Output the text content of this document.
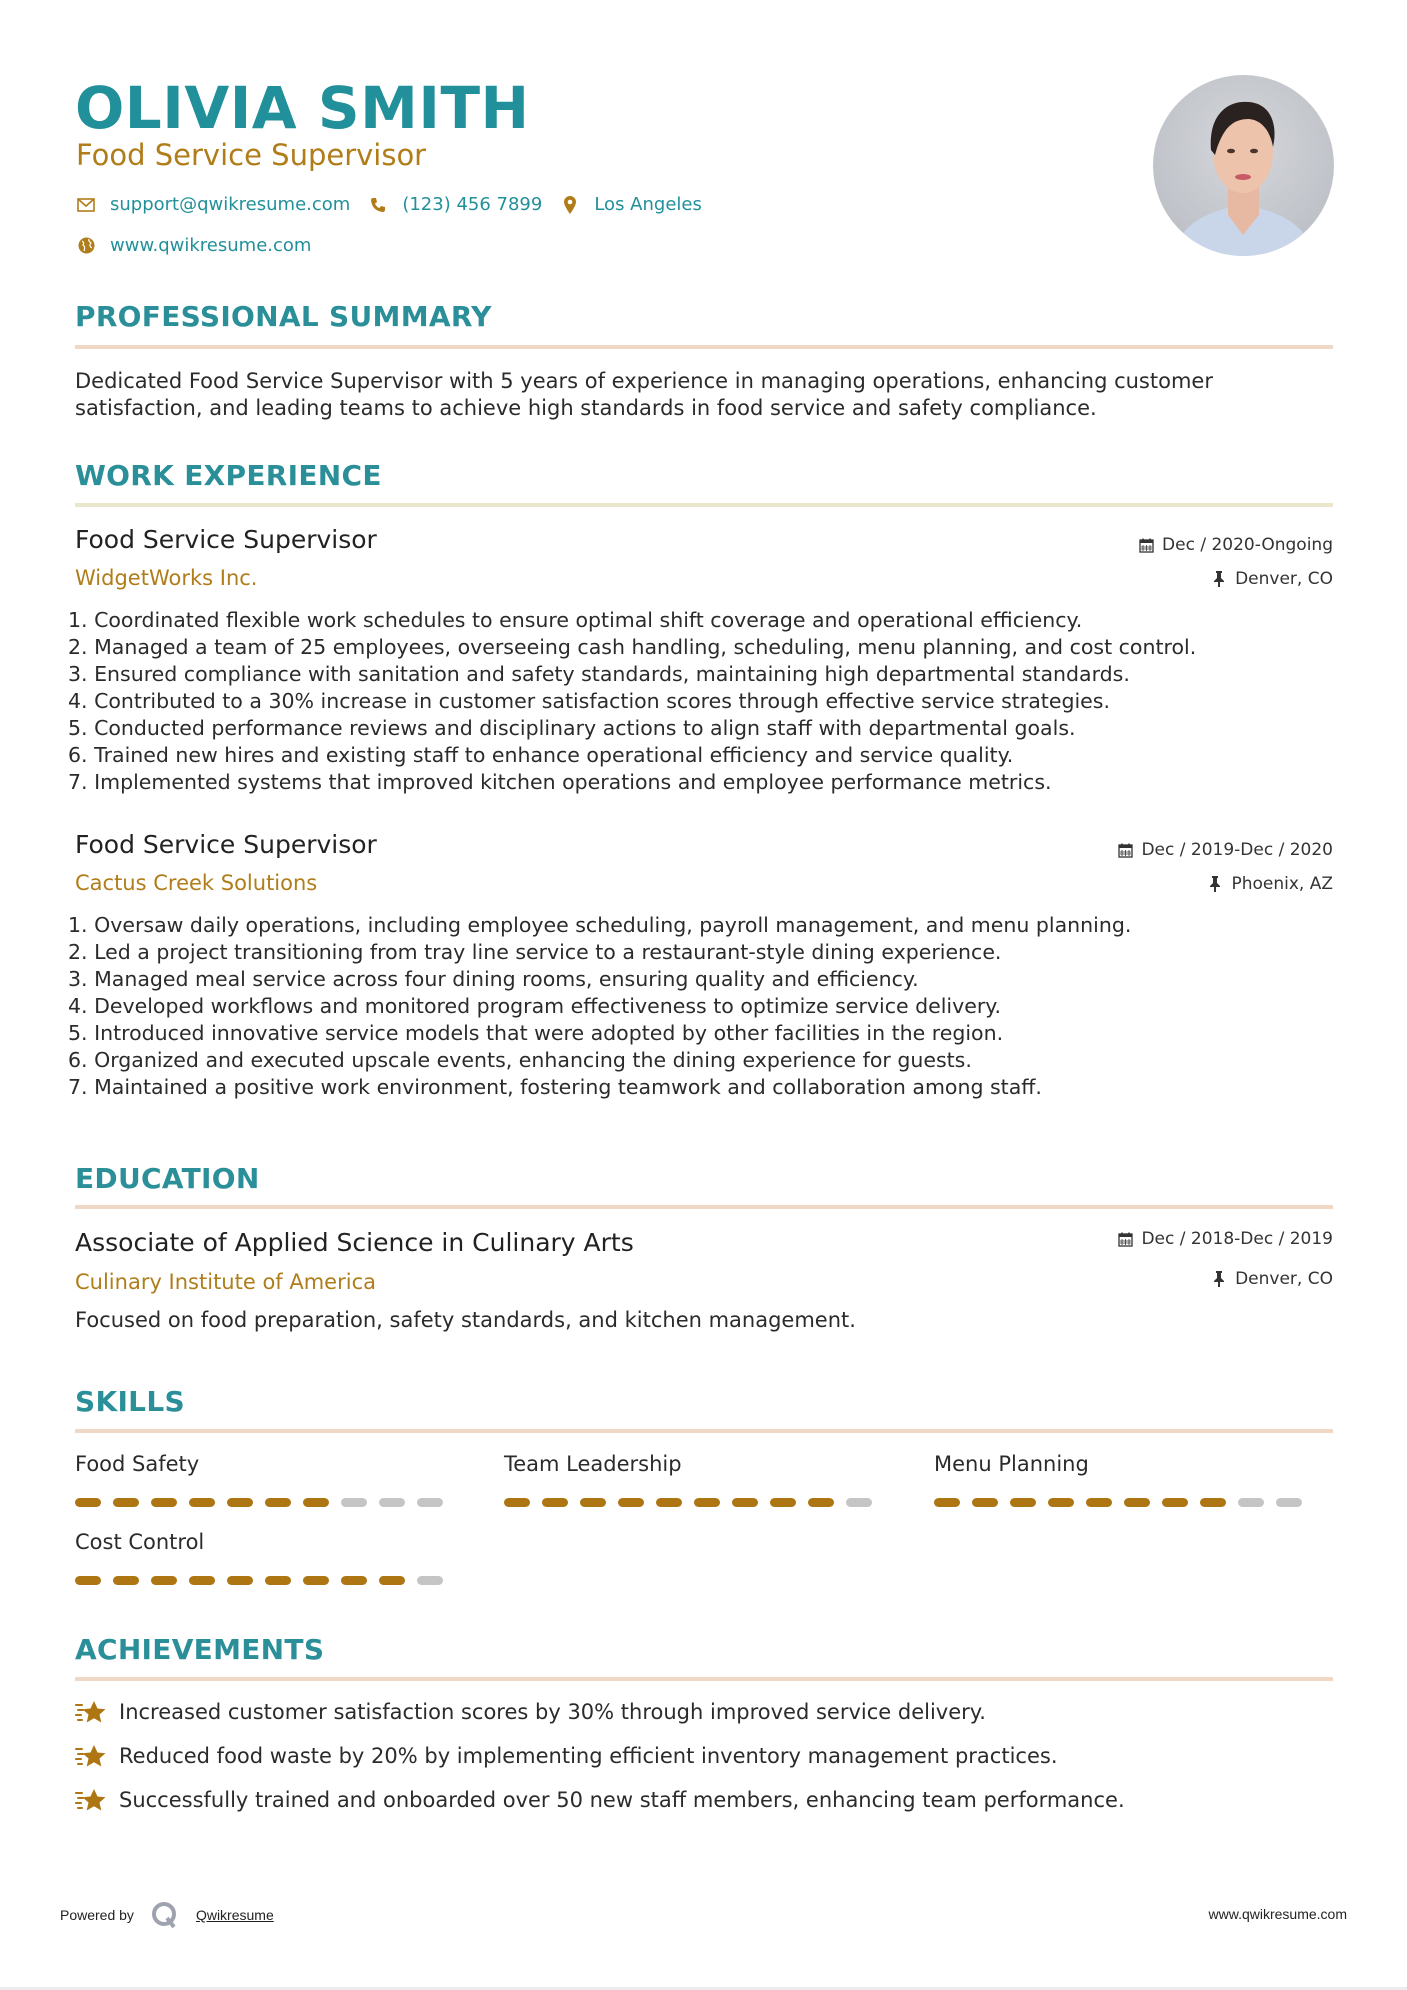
OLIVIA SMITH
Food Service Supervisor
support@qwikresume.com	(123) 456 7899	Los Angeles
www.qwikresume.com
PROFESSIONAL SUMMARY

Dedicated Food Service Supervisor with 5 years of experience in managing operations, enhancing customer satisfaction, and leading teams to achieve high standards in food service and safety compliance.

WORK EXPERIENCE
Food Service Supervisor	Dec / 2020-Ongoing
WidgetWorks Inc.	Denver, CO
1. Coordinated flexible work schedules to ensure optimal shift coverage and operational efficiency.
2. Managed a team of 25 employees, overseeing cash handling, scheduling, menu planning, and cost control.
3. Ensured compliance with sanitation and safety standards, maintaining high departmental standards.
4. Contributed to a 30% increase in customer satisfaction scores through effective service strategies.
5. Conducted performance reviews and disciplinary actions to align staff with departmental goals.
6. Trained new hires and existing staff to enhance operational efficiency and service quality.
7. Implemented systems that improved kitchen operations and employee performance metrics.
Food Service Supervisor	Dec / 2019-Dec / 2020
Cactus Creek Solutions	Phoenix, AZ
1. Oversaw daily operations, including employee scheduling, payroll management, and menu planning.
2. Led a project transitioning from tray line service to a restaurant-style dining experience.
3. Managed meal service across four dining rooms, ensuring quality and efficiency.
4. Developed workflows and monitored program effectiveness to optimize service delivery.
5. Introduced innovative service models that were adopted by other facilities in the region.
6. Organized and executed upscale events, enhancing the dining experience for guests.
7. Maintained a positive work environment, fostering teamwork and collaboration among staff.
EDUCATION
Associate of Applied Science in Culinary Arts	Dec / 2018-Dec / 2019
Culinary Institute of America	Denver, CO

Focused on food preparation, safety standards, and kitchen management.

SKILLS
Food Safety	Team Leadership	Menu Planning
Cost Control
ACHIEVEMENTS
Increased customer satisfaction scores by 30% through improved service delivery.
Reduced food waste by 20% by implementing efficient inventory management practices.
Successfully trained and onboarded over 50 new staff members, enhancing team performance.
Powered by	Qwikresume	www.qwikresume.com
